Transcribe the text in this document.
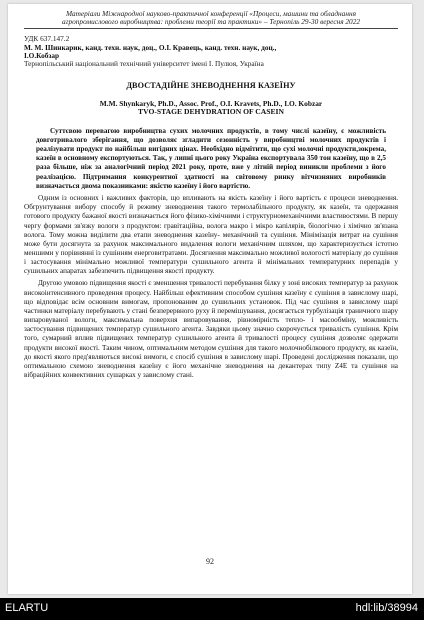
Матеріали Міжнародної науково-практичної конференції «Процеси, машини та обладнання
агропромислового виробництва: проблеми теорії та практики» – Тернопіль 29-30 вересня 2022
УДК 637.147.2
М. М. Шинкарик, канд. техн. наук, доц., О.І. Кравець, канд. техн. наук, доц.,
І.О.Кобзар
Тернопільський національний технічний університет імені І. Пулюя, Україна
ДВОСТАДІЙНЕ ЗНЕВОДНЕННЯ КАЗЕЇНУ
M.M. Shynkaryk, Ph.D., Assoc. Prof., O.I. Kravets, Ph.D., I.O. Kobzar
TVO-STAGE DEHYDRATION OF CASEIN

Суттєвою перевагою виробництва сухих молочних продуктів, в тому числі казеїну, є можливість довготривалого зберігання, що дозволяє згладити сезонність у виробництві молочних продуктів і реалізувати продукт по найбільш вигідних цінах. Необхідно відмітити, що сухі молочні продукти,зокрема, казеїн в основному експортуються. Так, у липні цього року Україна експортувала 350 тон казеїну, що в 2,5 раза більше, ніж за аналогічний період 2021 року, проте, вже у літній період виникли проблеми з його реалізацією. Підтримання конкурентної здатності на світовому ринку вітчизняних виробників визначається двома показниками: якістю казеїну і його вартістю.

Одним із основних і важливих факторів, що впливають на якість казеїну і його вартість є процеси зневоднення. Обгрунтування вибору способу й режиму зневоднення такого термолабільного продукту, як казеїн, та одержання готового продукту бажаної якості визначається його фізико-хімічними і структурномеханічними властивостями. В першу чергу формами зв'язку вологи з продуктом: гравітаційна, волога макро і мікро капілярів, біологічно і хімічно зв'язана волога. Тому можна виділити два етапи зневоднення казеїну- механічний та сушіння. Мінімізація витрат на сушіння може бути досягнута за рахунок максимального видалення вологи механічним шляхом, що характеризується істотно меншими у порівнянні із сушінням енерговитратами. Досягнення максимально можливої вологості матеріалу до сушіння і застосування мінімально можливої температури сушильного агента й мінімальних температурних перепадів у сушильних апаратах забезпечить підвищення якості продукту.

Другою умовою підвищення якості є зменшення тривалості перебування білку у зоні високих температур за рахунок високоінтенсивного проведення процесу. Найбільш ефективним способом сушіння казеїну є сушіння в завислому шарі, що відповідає всім основним вимогам, пропонованим до сушильних установок. Під час сушіння в завислому шарі частинки матеріалу перебувають у стані безперервного руху й перемішування, досягається турбулізація граничного шару випаровуваної вологи, максимальна поверхня випаровування, рівномірність тепло- і масообміну, можливість застосування підвищених температур сушильного агента. Завдяки цьому значно скорочується тривалість сушіння. Крім того, сумарний вплив підвищених температур сушильного агента й тривалості процесу сушіння дозволяє одержати продукти високої якості. Таким чином, оптимальним методом сушіння для такого молочнобілкового продукту, як казеїн, до якості якого пред'являються високі вимоги, є спосіб сушіння в завислому шарі. Проведені дослідження показали, що оптимальною схемою зневоднення казеїну є його механічне зневоднення на декантерах типу Z4E та сушіння на вібраційних конвективних сушарках у завислому стані.

92
ELARTU	hdl:lib/38994
